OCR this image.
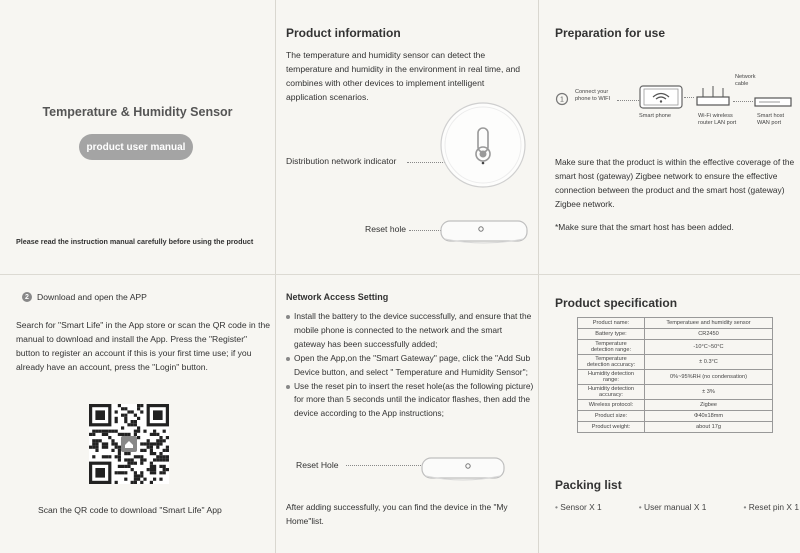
Temperature & Humidity Sensor
product user manual
Please read the instruction manual carefully before using the product
Product information

The temperature and humidity sensor can detect the temperature and humidity in the environment in real time, and combines with other devices to implement intelligent application scenarios.

Distribution network indicator
Reset hole
Preparation for use
1
Connect your
phone to WIFI
Smart phone	Wi-Fi wireless
router LAN port
Network
cable
Smart host
WAN port

Make sure that the product is within the effective coverage of the smart host (gateway) Zigbee network to ensure the effective connection between the product and the smart host (gateway) Zigbee network.

*Make sure that the smart host has been added.
2 Download and open the APP

Search for "Smart Life" in the App store or scan the QR code in the manual to download and install the App. Press the "Register" button to register an account if this is your first time use; if you already have an account, press the "Login" button.

Scan the QR code to download "Smart Life" App
Network Access Setting
Install the battery to the device successfully, and ensure that the mobile phone is connected to the network and the smart gateway has been successfully added;
Open the App,on the "Smart Gateway" page, click the "Add Sub Device button, and select " Temperature and Humidity Sensor";
Use the reset pin to insert the reset hole(as the following picture) for more than 5 seconds until the indicator flashes, then add the device according to the App instructions;
Reset Hole

After adding successfully, you can find the device in the "My Home"list.

Product specification
Product name:	Temperatuee and humidity sensor
Battery type:	CR2450
Temperature
detection range:	-10°C~50°C
Temperature
detection accuracy:	± 0.3°C
Humidity detection
range:	0%~95%RH (no condensation)
Humidity detection
accuracy:	± 3%
Wireless protocol:	Zigbee
Product size:	Φ40x18mm
Product weight:	about 17g
Packing list
• Sensor X 1	• User manual X 1	• Reset pin X 1
